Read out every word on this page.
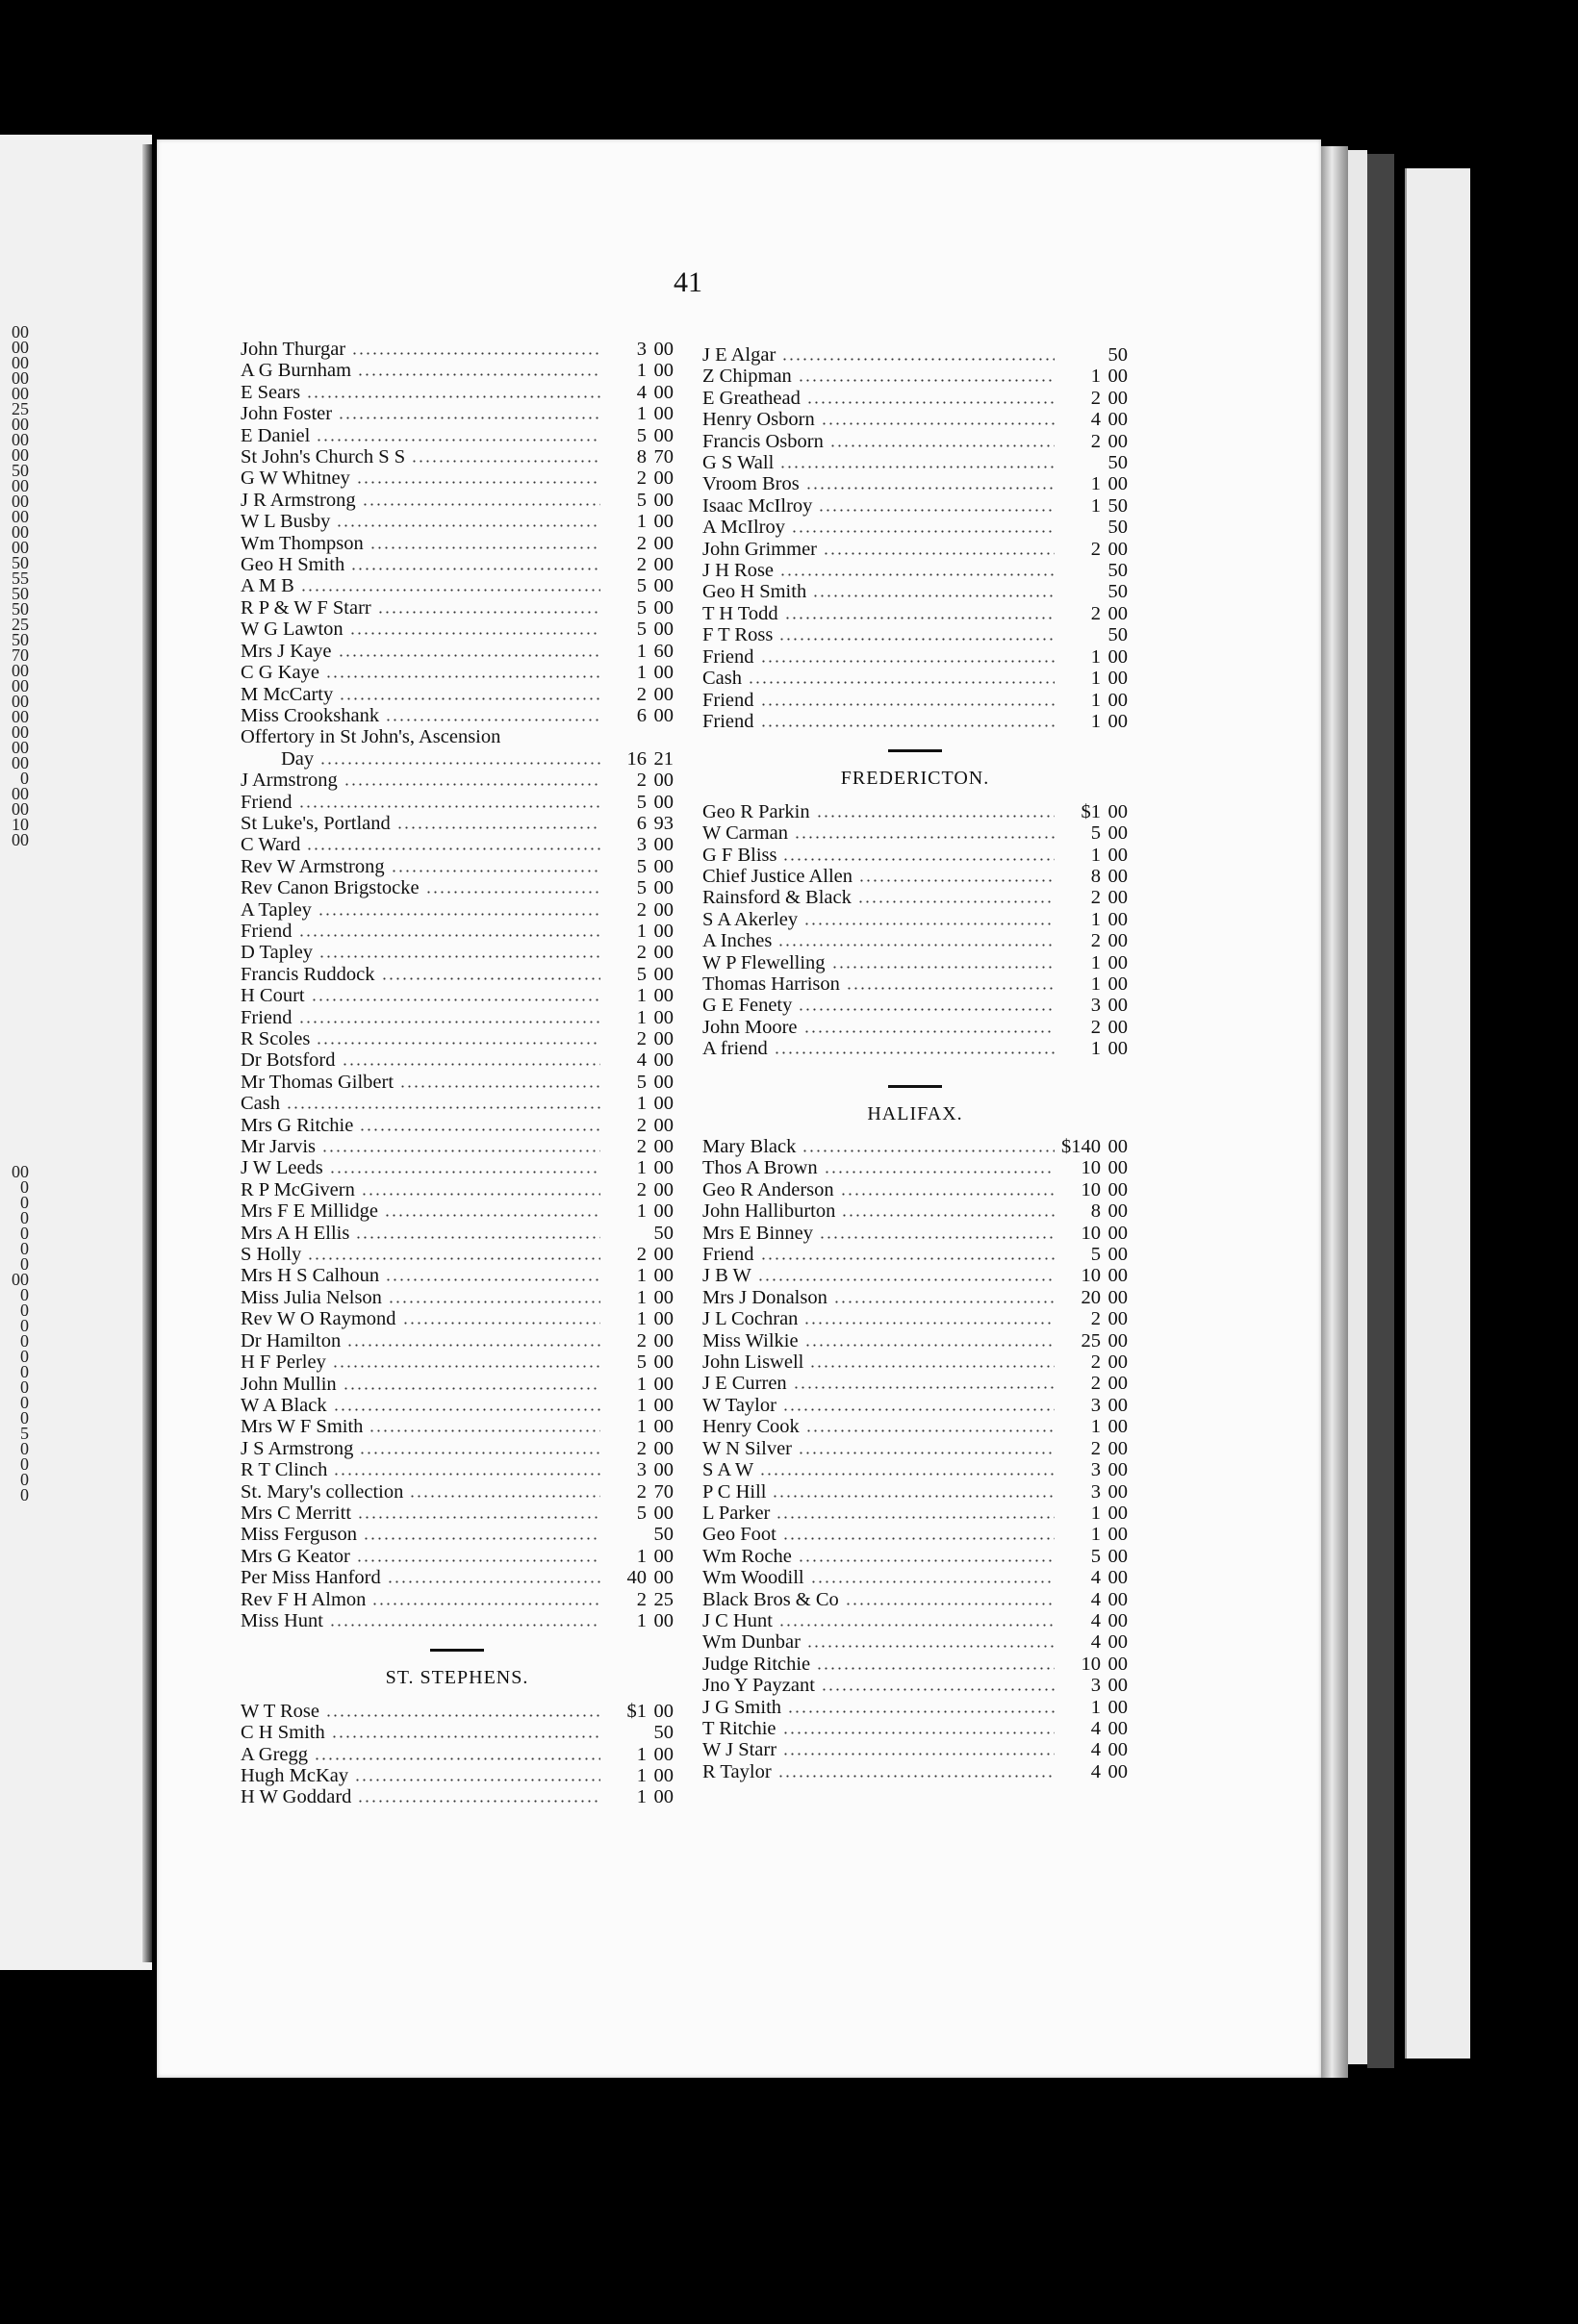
00
00
00
00
00
25
00
00
00
50
00
00
00
00
00
50
55
50
50
25
50
70
00
00
00
00
00
00
00
0
00
00
10
00
00
0
0
0
0
0
0
00
0
0
0
0
0
0
0
0
0
5
0
0
0
0
41
John Thurgar	3 00
A G Burnham	1 00
E Sears	4 00
John Foster	1 00
E Daniel	5 00
St John's Church S S	8 70
G W Whitney	2 00
J R Armstrong	5 00
W L Busby	1 00
Wm Thompson	2 00
Geo H Smith	2 00
A M B	5 00
R P & W F Starr	5 00
W G Lawton	5 00
Mrs J Kaye	1 60
C G Kaye	1 00
M McCarty	2 00
Miss Crookshank	6 00
Offertory in St John's, Ascension
Day	16 21
J Armstrong	2 00
Friend	5 00
St Luke's, Portland	6 93
C Ward	3 00
Rev W Armstrong	5 00
Rev Canon Brigstocke	5 00
A Tapley	2 00
Friend	1 00
D Tapley	2 00
Francis Ruddock	5 00
H Court	1 00
Friend	1 00
R Scoles	2 00
Dr Botsford	4 00
Mr Thomas Gilbert	5 00
Cash	1 00
Mrs G Ritchie	2 00
Mr Jarvis	2 00
J W Leeds	1 00
R P McGivern	2 00
Mrs F E Millidge	1 00
Mrs A H Ellis	50
S Holly	2 00
Mrs H S Calhoun	1 00
Miss Julia Nelson	1 00
Rev W O Raymond	1 00
Dr Hamilton	2 00
H F Perley	5 00
John Mullin	1 00
W A Black	1 00
Mrs W F Smith	1 00
J S Armstrong	2 00
R T Clinch	3 00
St. Mary's collection	2 70
Mrs C Merritt	5 00
Miss Ferguson	50
Mrs G Keator	1 00
Per Miss Hanford	40 00
Rev F H Almon	2 25
Miss Hunt	1 00
ST. STEPHENS.
W T Rose	$1 00
C H Smith	50
A Gregg	1 00
Hugh McKay	1 00
H W Goddard	1 00
J E Algar	50
Z Chipman	1 00
E Greathead	2 00
Henry Osborn	4 00
Francis Osborn	2 00
G S Wall	50
Vroom Bros	1 00
Isaac McIlroy	1 50
A McIlroy	50
John Grimmer	2 00
J H Rose	50
Geo H Smith	50
T H Todd	2 00
F T Ross	50
Friend	1 00
Cash	1 00
Friend	1 00
Friend	1 00
FREDERICTON.
Geo R Parkin	$1 00
W Carman	5 00
G F Bliss	1 00
Chief Justice Allen	8 00
Rainsford & Black	2 00
S A Akerley	1 00
A Inches	2 00
W P Flewelling	1 00
Thomas Harrison	1 00
G E Fenety	3 00
John Moore	2 00
A friend	1 00
HALIFAX.
Mary Black	$140 00
Thos A Brown	10 00
Geo R Anderson	10 00
John Halliburton	8 00
Mrs E Binney	10 00
Friend	5 00
J B W	10 00
Mrs J Donalson	20 00
J L Cochran	2 00
Miss Wilkie	25 00
John Liswell	2 00
J E Curren	2 00
W Taylor	3 00
Henry Cook	1 00
W N Silver	2 00
S A W	3 00
P C Hill	3 00
L Parker	1 00
Geo Foot	1 00
Wm Roche	5 00
Wm Woodill	4 00
Black Bros & Co	4 00
J C Hunt	4 00
Wm Dunbar	4 00
Judge Ritchie	10 00
Jno Y Payzant	3 00
J G Smith	1 00
T Ritchie	4 00
W J Starr	4 00
R Taylor	4 00
